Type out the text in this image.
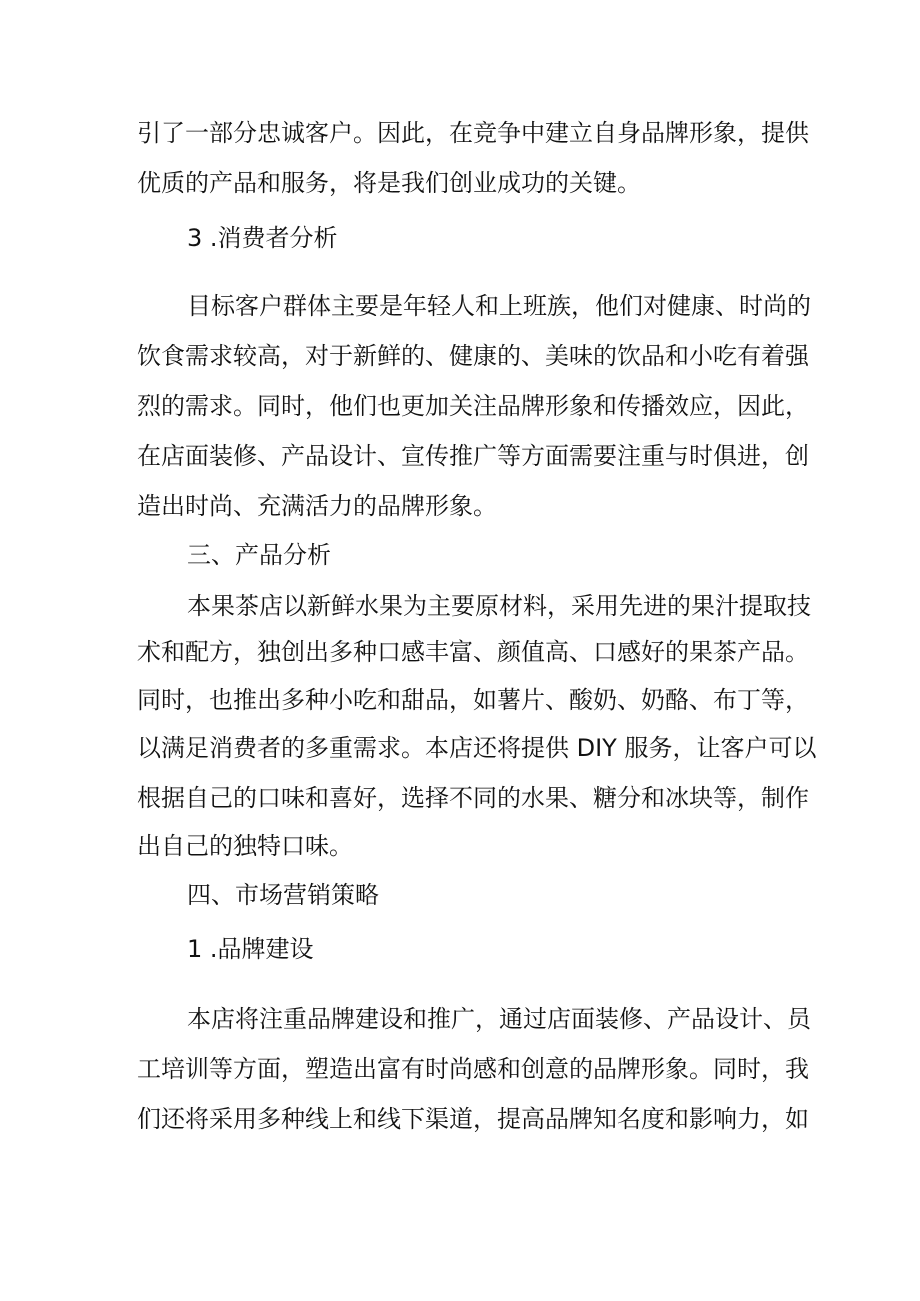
引了一部分忠诚客户。因此，在竞争中建立自身品牌形象，提供
优质的产品和服务，将是我们创业成功的关键。
3 .消费者分析
目标客户群体主要是年轻人和上班族，他们对健康、时尚的
饮食需求较高，对于新鲜的、健康的、美味的饮品和小吃有着强
烈的需求。同时，他们也更加关注品牌形象和传播效应，因此，
在店面装修、产品设计、宣传推广等方面需要注重与时俱进，创
造出时尚、充满活力的品牌形象。
三、产品分析
本果茶店以新鲜水果为主要原材料，采用先进的果汁提取技
术和配方，独创出多种口感丰富、颜值高、口感好的果茶产品。
同时，也推出多种小吃和甜品，如薯片、酸奶、奶酪、布丁等，
以满足消费者的多重需求。本店还将提供 DIY 服务，让客户可以
根据自己的口味和喜好，选择不同的水果、糖分和冰块等，制作
出自己的独特口味。
四、市场营销策略
1 .品牌建设
本店将注重品牌建设和推广，通过店面装修、产品设计、员
工培训等方面，塑造出富有时尚感和创意的品牌形象。同时，我
们还将采用多种线上和线下渠道，提高品牌知名度和影响力，如
